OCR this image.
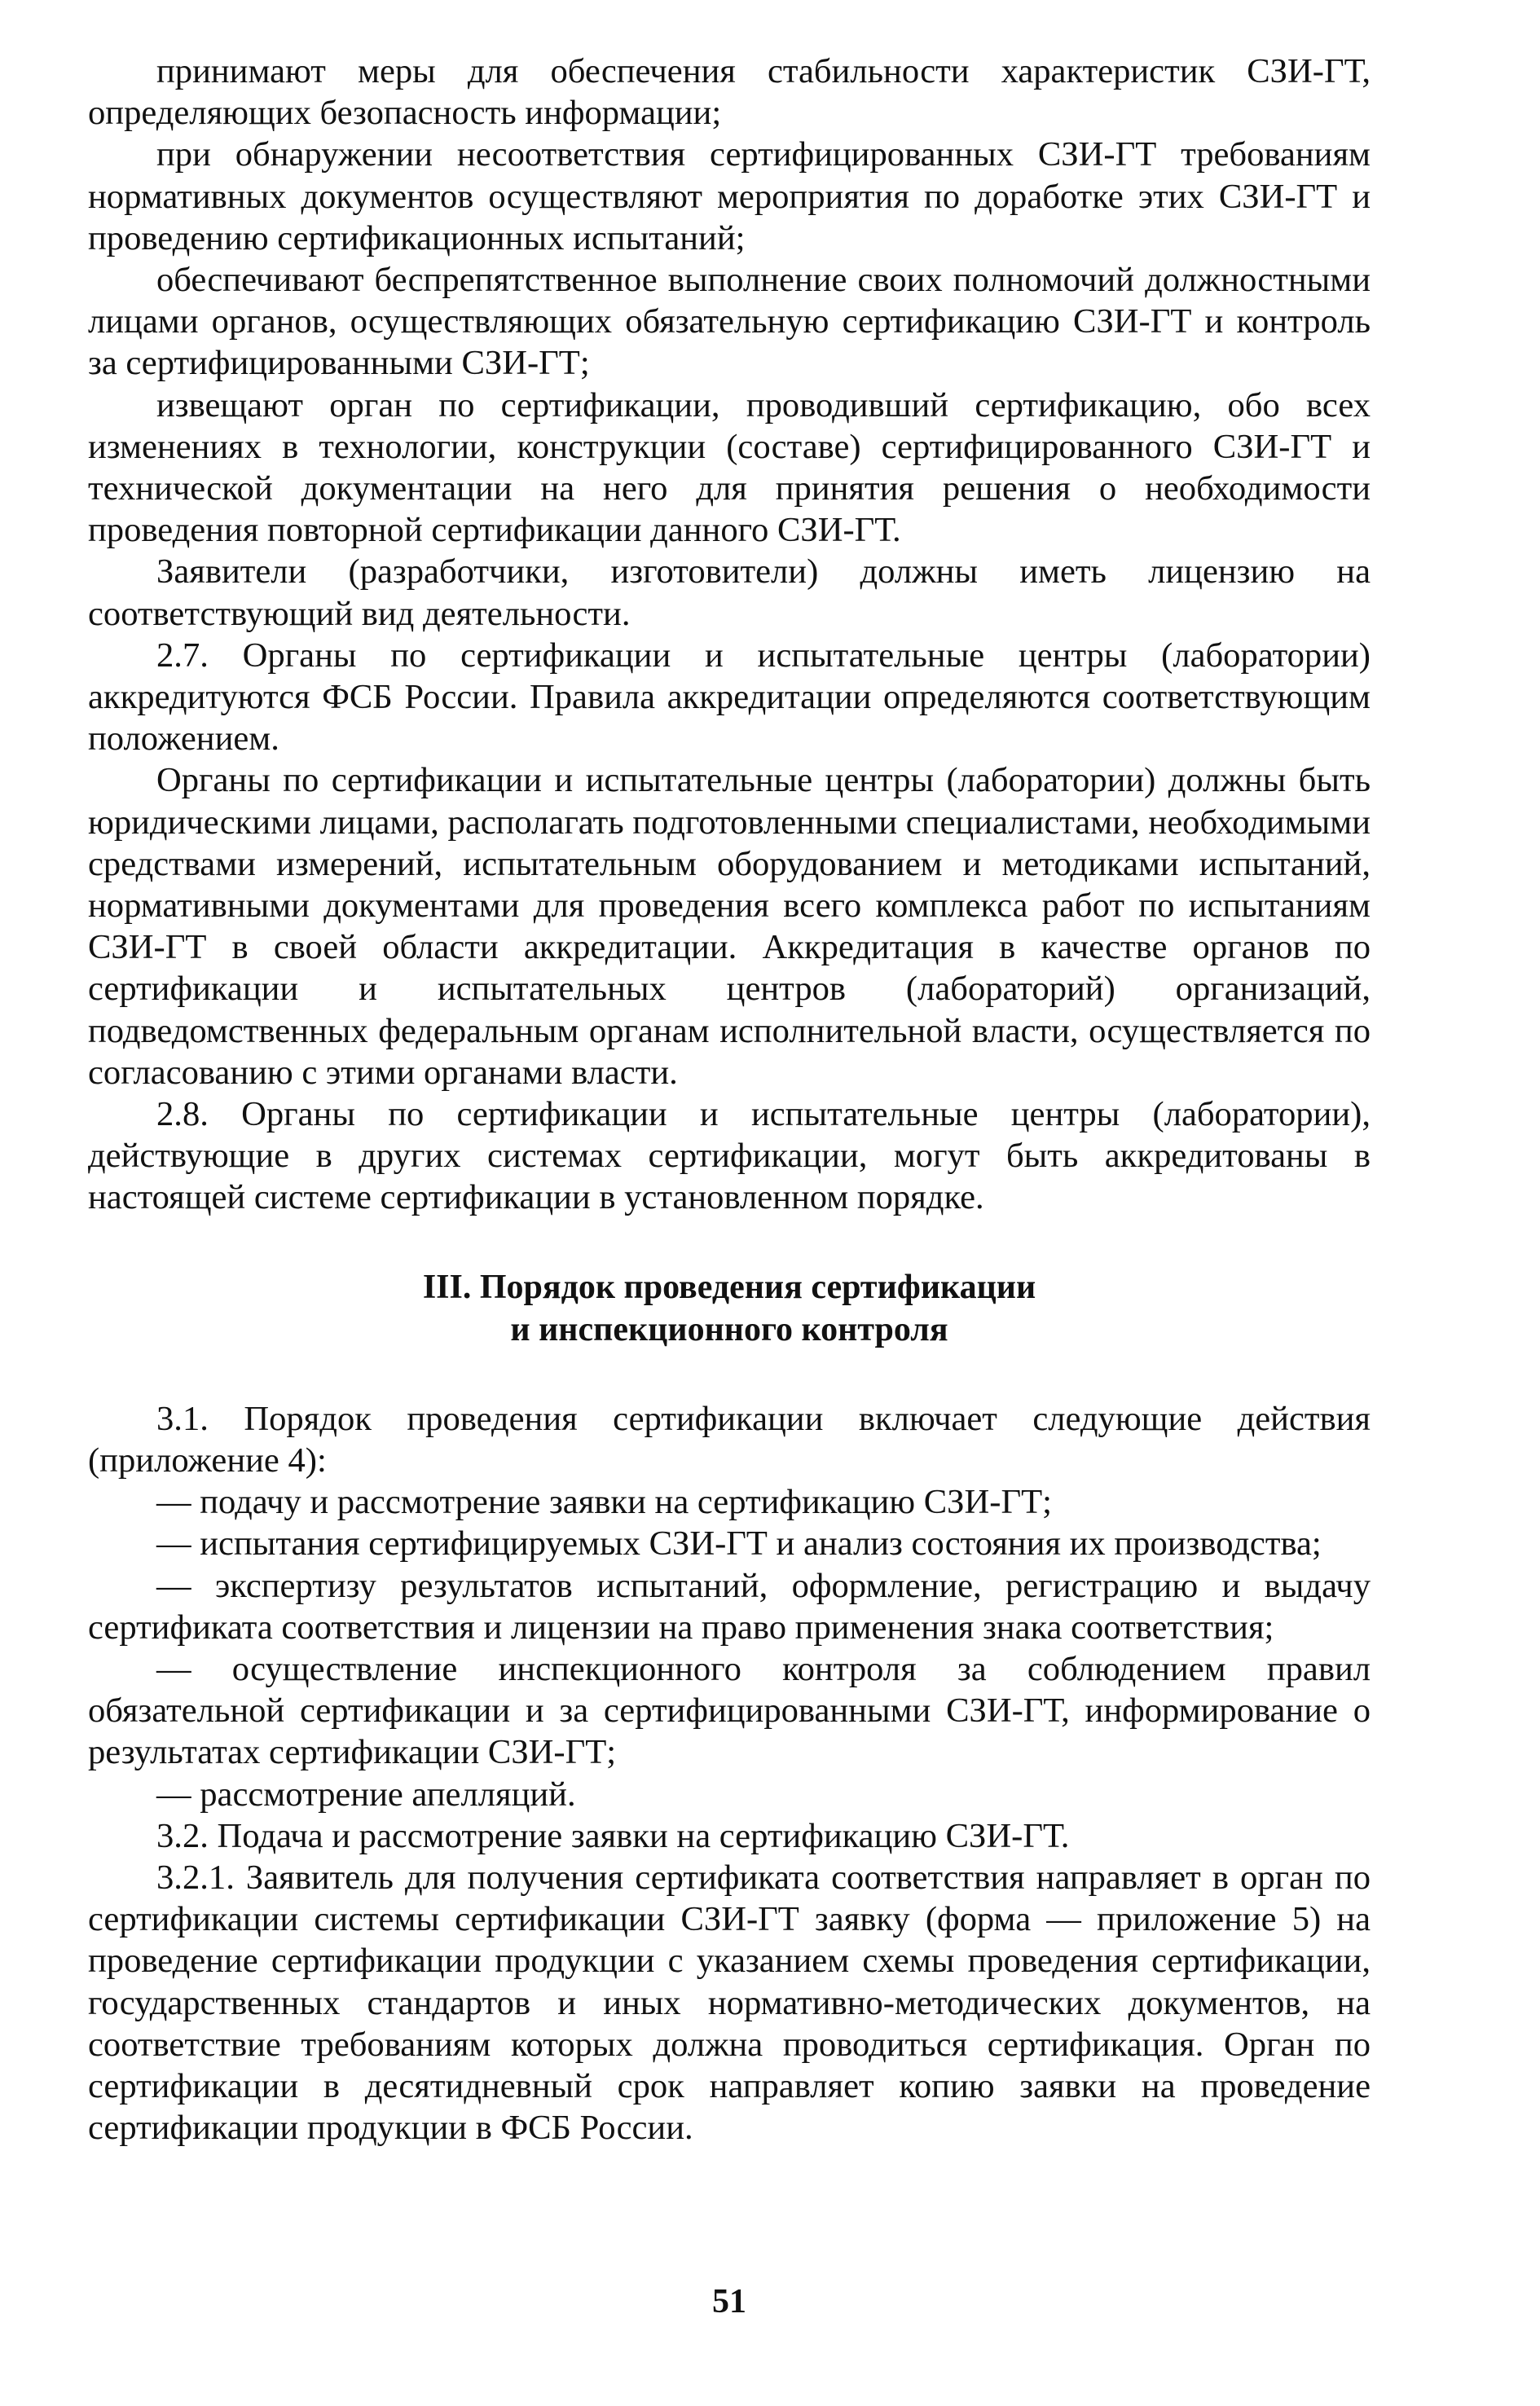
принимают меры для обеспечения стабильности характеристик СЗИ-ГТ, определяющих безопасность информации;

при обнаружении несоответствия сертифицированных СЗИ-ГТ требованиям нормативных документов осуществляют мероприятия по доработке этих СЗИ-ГТ и проведению сертификационных испытаний;

обеспечивают беспрепятственное выполнение своих полномочий должностными лицами органов, осуществляющих обязательную сертификацию СЗИ-ГТ и контроль за сертифицированными СЗИ-ГТ;

извещают орган по сертификации, проводивший сертификацию, обо всех изменениях в технологии, конструкции (составе) сертифицированного СЗИ-ГТ и технической документации на него для принятия решения о необходимости проведения повторной сертификации данного СЗИ-ГТ.

Заявители (разработчики, изготовители) должны иметь лицензию на соответствующий вид деятельности.

2.7. Органы по сертификации и испытательные центры (лаборатории) аккредитуются ФСБ России. Правила аккредитации определяются соответствующим положением.

Органы по сертификации и испытательные центры (лаборатории) должны быть юридическими лицами, располагать подготовленными специалистами, необходимыми средствами измерений, испытательным оборудованием и методиками испытаний, нормативными документами для проведения всего комплекса работ по испытаниям СЗИ-ГТ в своей области аккредитации. Аккредитация в качестве органов по сертификации и испытательных центров (лабораторий) организаций, подведомственных федеральным органам исполнительной власти, осуществляется по согласованию с этими органами власти.

2.8. Органы по сертификации и испытательные центры (лаборатории), действующие в других системах сертификации, могут быть аккредитованы в настоящей системе сертификации в установленном порядке.

III. Порядок проведения сертификации
и инспекционного контроля

3.1. Порядок проведения сертификации включает следующие действия (приложение 4):

— подачу и рассмотрение заявки на сертификацию СЗИ-ГТ;

— испытания сертифицируемых СЗИ-ГТ и анализ состояния их производства;

— экспертизу результатов испытаний, оформление, регистрацию и выдачу сертификата соответствия и лицензии на право применения знака соответствия;

— осуществление инспекционного контроля за соблюдением правил обязательной сертификации и за сертифицированными СЗИ-ГТ, информирование о результатах сертификации СЗИ-ГТ;

— рассмотрение апелляций.

3.2. Подача и рассмотрение заявки на сертификацию СЗИ-ГТ.

3.2.1. Заявитель для получения сертификата соответствия направляет в орган по сертификации системы сертификации СЗИ-ГТ заявку (форма — приложение 5) на проведение сертификации продукции с указанием схемы проведения сертификации, государственных стандартов и иных нормативно-методических документов, на соответствие требованиям которых должна проводиться сертификация. Орган по сертификации в десятидневный срок направляет копию заявки на проведение сертификации продукции в ФСБ России.

51
